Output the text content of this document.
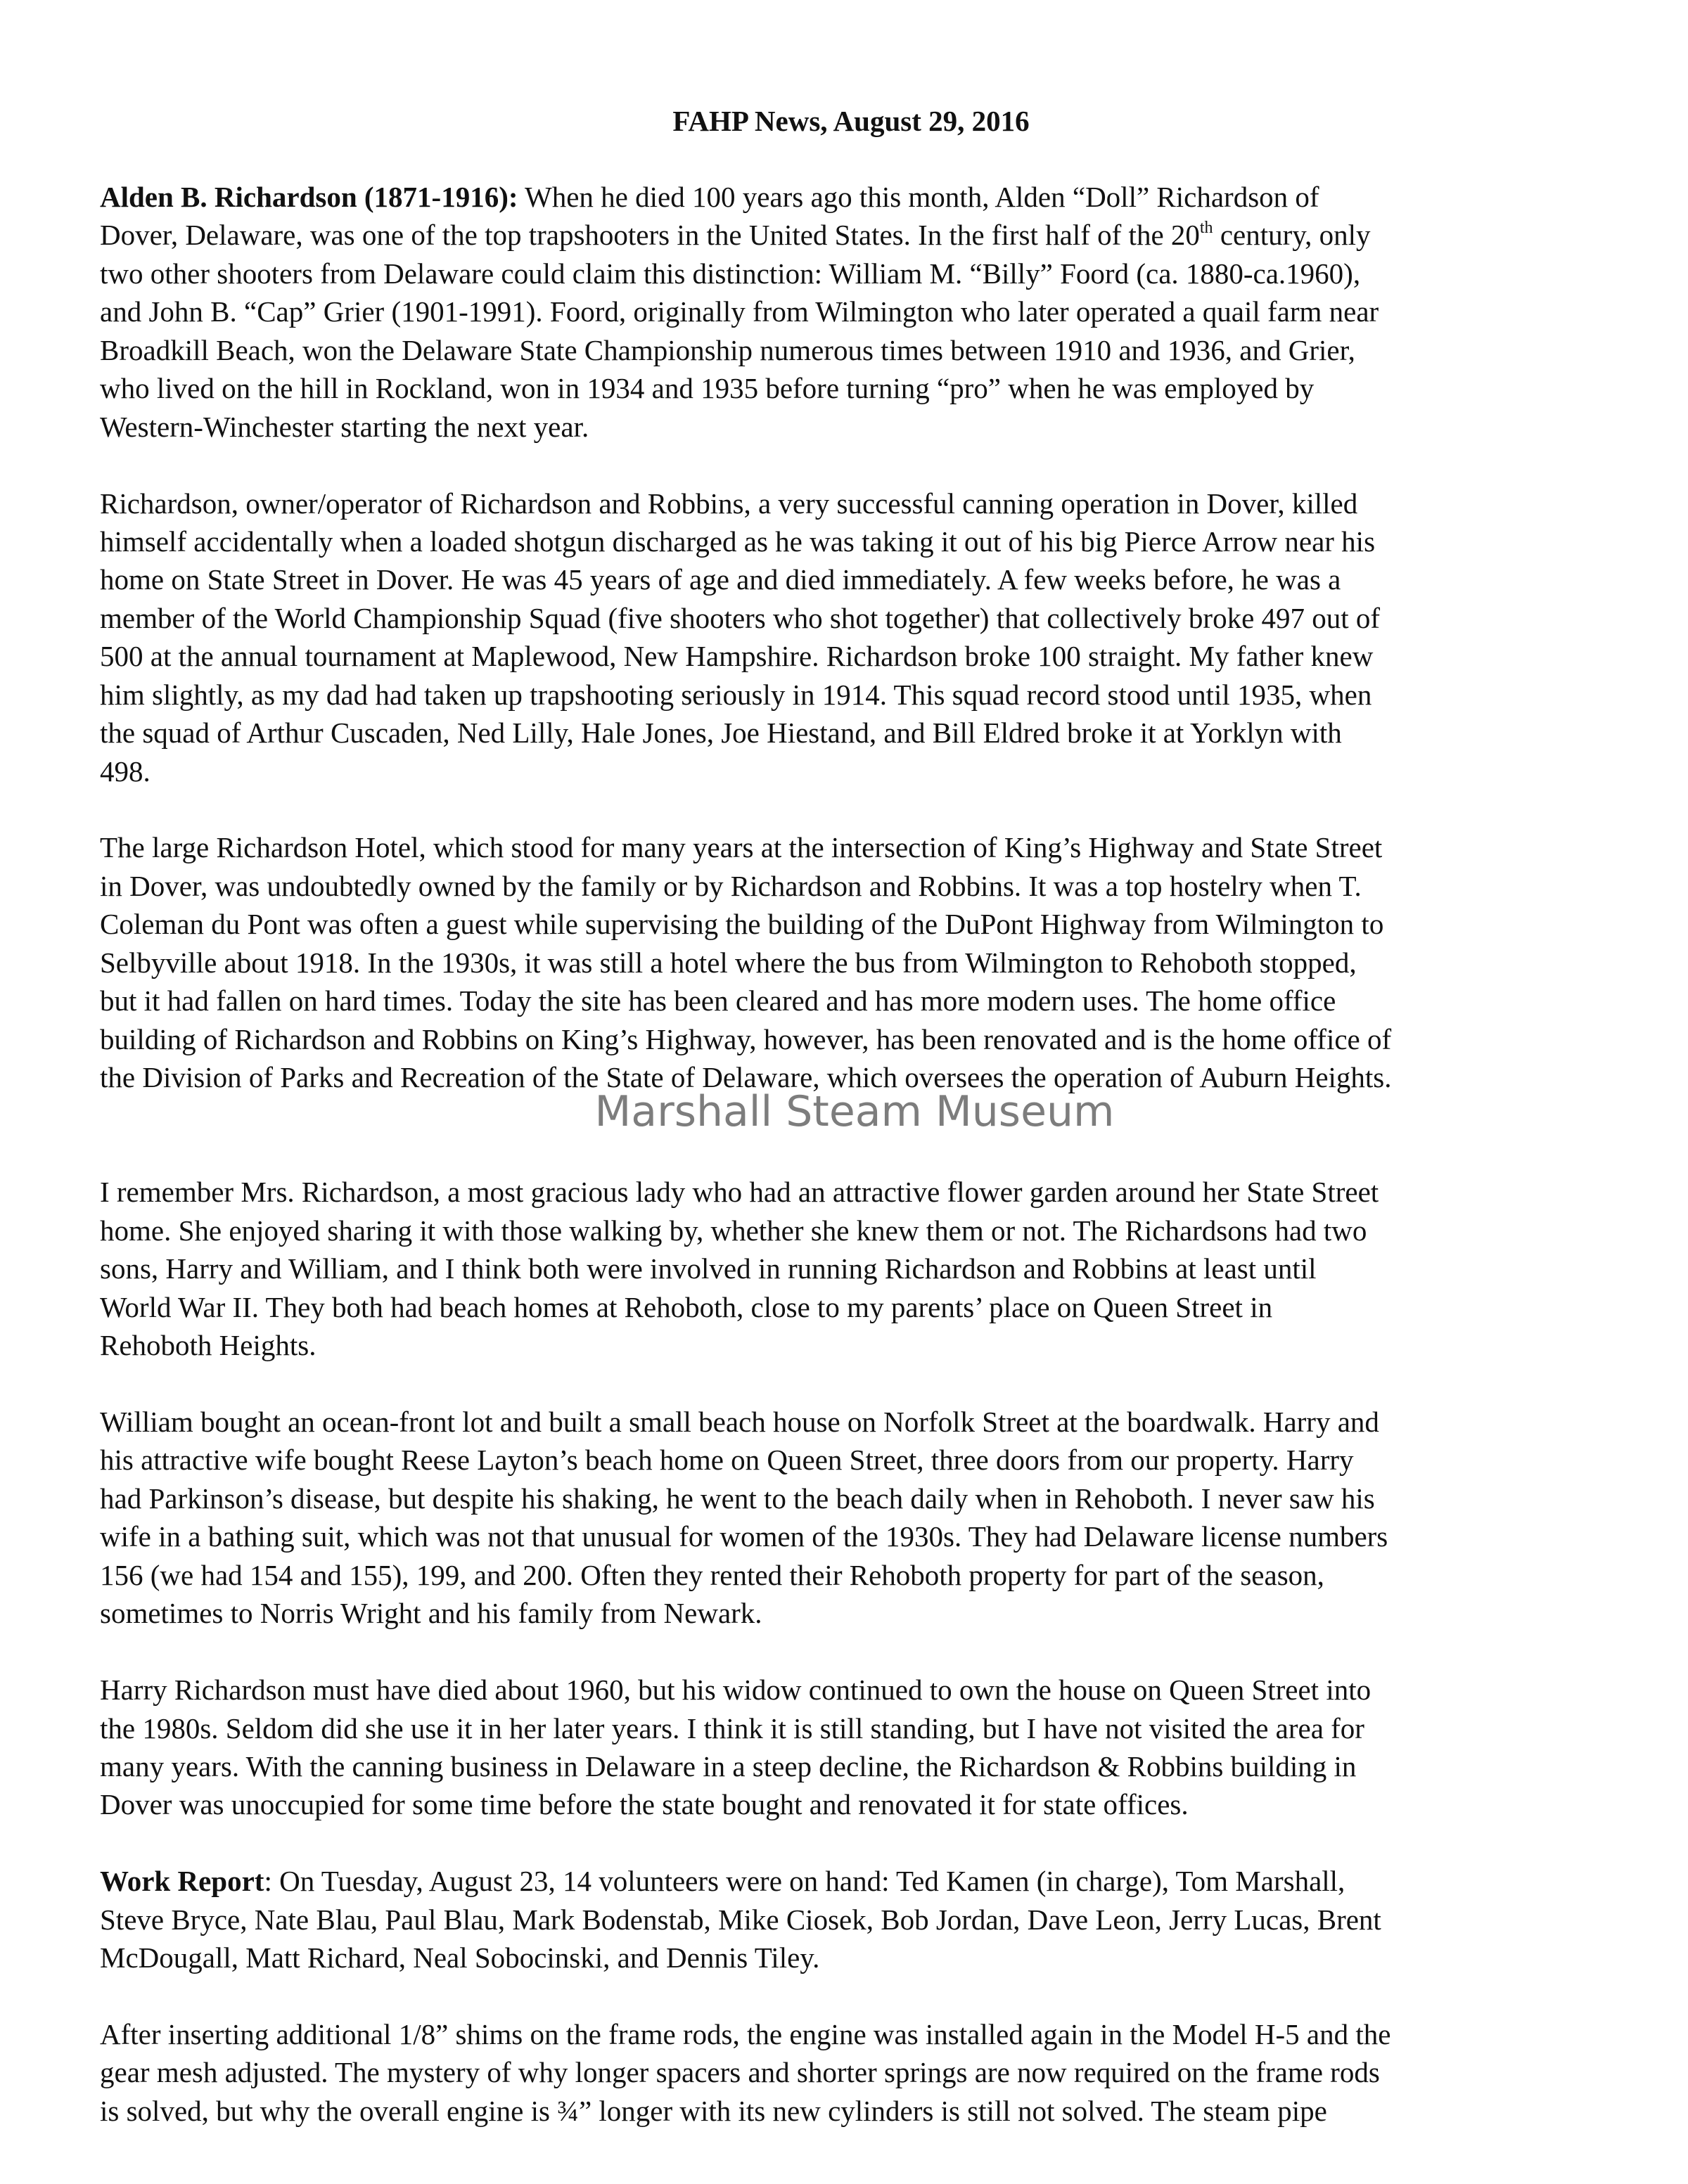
FAHP News, August 29, 2016
Alden B. Richardson (1871-1916): When he died 100 years ago this month, Alden “Doll” Richardson of
Dover, Delaware, was one of the top trapshooters in the United States. In the first half of the 20th century, only
two other shooters from Delaware could claim this distinction: William M. “Billy” Foord (ca. 1880-ca.1960),
and John B. “Cap” Grier (1901-1991). Foord, originally from Wilmington who later operated a quail farm near
Broadkill Beach, won the Delaware State Championship numerous times between 1910 and 1936, and Grier,
who lived on the hill in Rockland, won in 1934 and 1935 before turning “pro” when he was employed by
Western-Winchester starting the next year.
Richardson, owner/operator of Richardson and Robbins, a very successful canning operation in Dover, killed
himself accidentally when a loaded shotgun discharged as he was taking it out of his big Pierce Arrow near his
home on State Street in Dover. He was 45 years of age and died immediately. A few weeks before, he was a
member of the World Championship Squad (five shooters who shot together) that collectively broke 497 out of
500 at the annual tournament at Maplewood, New Hampshire. Richardson broke 100 straight. My father knew
him slightly, as my dad had taken up trapshooting seriously in 1914. This squad record stood until 1935, when
the squad of Arthur Cuscaden, Ned Lilly, Hale Jones, Joe Hiestand, and Bill Eldred broke it at Yorklyn with
498.
The large Richardson Hotel, which stood for many years at the intersection of King’s Highway and State Street
in Dover, was undoubtedly owned by the family or by Richardson and Robbins. It was a top hostelry when T.
Coleman du Pont was often a guest while supervising the building of the DuPont Highway from Wilmington to
Selbyville about 1918. In the 1930s, it was still a hotel where the bus from Wilmington to Rehoboth stopped,
but it had fallen on hard times. Today the site has been cleared and has more modern uses. The home office
building of Richardson and Robbins on King’s Highway, however, has been renovated and is the home office of
the Division of Parks and Recreation of the State of Delaware, which oversees the operation of Auburn Heights.
I remember Mrs. Richardson, a most gracious lady who had an attractive flower garden around her State Street
home. She enjoyed sharing it with those walking by, whether she knew them or not. The Richardsons had two
sons, Harry and William, and I think both were involved in running Richardson and Robbins at least until
World War II. They both had beach homes at Rehoboth, close to my parents’ place on Queen Street in
Rehoboth Heights.
William bought an ocean-front lot and built a small beach house on Norfolk Street at the boardwalk. Harry and
his attractive wife bought Reese Layton’s beach home on Queen Street, three doors from our property. Harry
had Parkinson’s disease, but despite his shaking, he went to the beach daily when in Rehoboth. I never saw his
wife in a bathing suit, which was not that unusual for women of the 1930s. They had Delaware license numbers
156 (we had 154 and 155), 199, and 200. Often they rented their Rehoboth property for part of the season,
sometimes to Norris Wright and his family from Newark.
Harry Richardson must have died about 1960, but his widow continued to own the house on Queen Street into
the 1980s. Seldom did she use it in her later years. I think it is still standing, but I have not visited the area for
many years. With the canning business in Delaware in a steep decline, the Richardson & Robbins building in
Dover was unoccupied for some time before the state bought and renovated it for state offices.
Work Report: On Tuesday, August 23, 14 volunteers were on hand: Ted Kamen (in charge), Tom Marshall,
Steve Bryce, Nate Blau, Paul Blau, Mark Bodenstab, Mike Ciosek, Bob Jordan, Dave Leon, Jerry Lucas, Brent
McDougall, Matt Richard, Neal Sobocinski, and Dennis Tiley.
After inserting additional 1/8” shims on the frame rods, the engine was installed again in the Model H-5 and the
gear mesh adjusted. The mystery of why longer spacers and shorter springs are now required on the frame rods
is solved, but why the overall engine is ¾” longer with its new cylinders is still not solved. The steam pipe
Marshall Steam Museum
